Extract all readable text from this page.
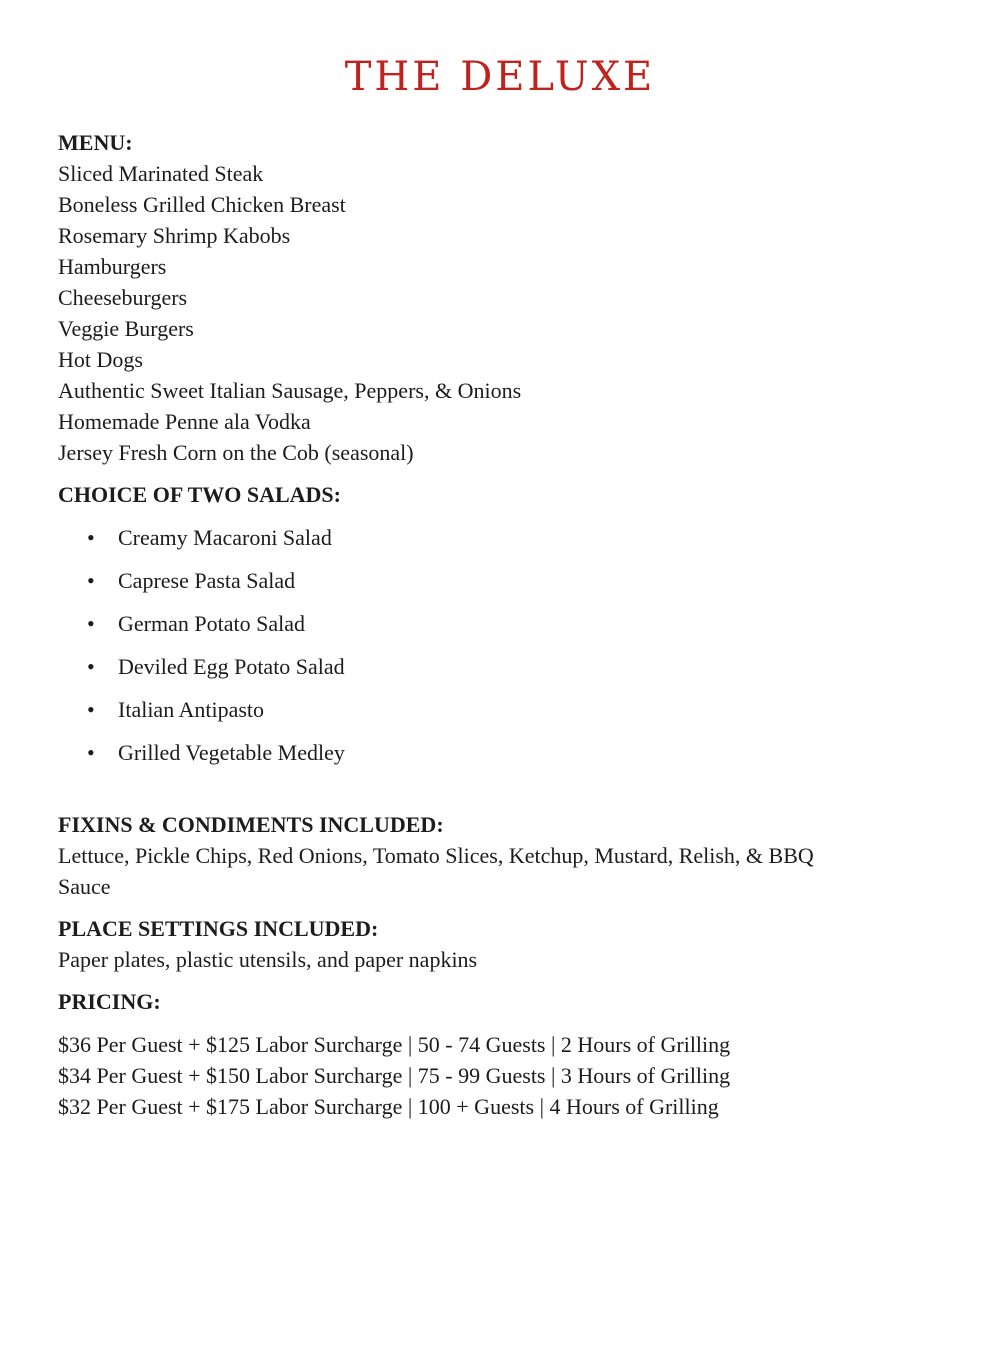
THE DELUXE

MENU:

Sliced Marinated Steak
Boneless Grilled Chicken Breast
Rosemary Shrimp Kabobs
Hamburgers
Cheeseburgers
Veggie Burgers
Hot Dogs
Authentic Sweet Italian Sausage, Peppers, & Onions
Homemade Penne ala Vodka
Jersey Fresh Corn on the Cob (seasonal)

CHOICE OF TWO SALADS:

• Creamy Macaroni Salad
• Caprese Pasta Salad
• German Potato Salad
• Deviled Egg Potato Salad
• Italian Antipasto
• Grilled Vegetable Medley

FIXINS & CONDIMENTS INCLUDED:

Lettuce, Pickle Chips, Red Onions, Tomato Slices, Ketchup, Mustard, Relish, & BBQ

Sauce

PLACE SETTINGS INCLUDED:

Paper plates, plastic utensils, and paper napkins

PRICING:

$36 Per Guest + $125 Labor Surcharge | 50 - 74 Guests | 2 Hours of Grilling

$34 Per Guest + $150 Labor Surcharge | 75 - 99 Guests | 3 Hours of Grilling

$32 Per Guest + $175 Labor Surcharge | 100 + Guests | 4 Hours of Grilling
